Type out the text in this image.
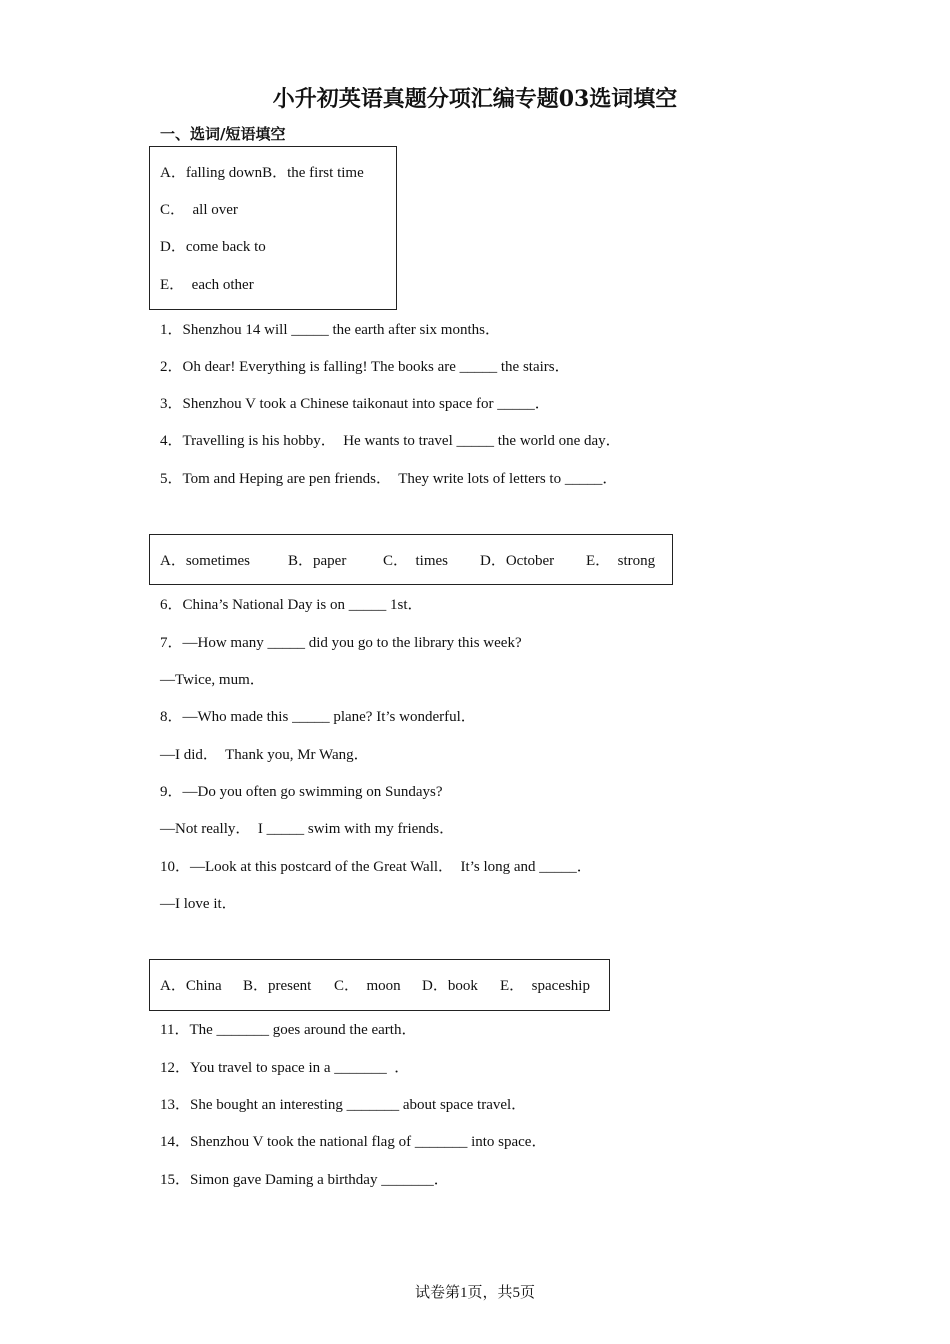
小升初英语真题分项汇编专题03选词填空
一、选词/短语填空
A．falling downB．the first time
C．  all over
D．come back to
E．  each other
1．Shenzhou 14 will _____ the earth after six months．
2．Oh dear! Everything is falling! The books are _____ the stairs．
3．Shenzhou V took a Chinese taikonaut into space for _____．
4．Travelling is his hobby．  He wants to travel _____ the world one day．
5．Tom and Heping are pen friends．  They write lots of letters to _____．
A．sometimes	B．paper C．  times D．October E．  strong
6．China’s National Day is on _____ 1st．
7．—How many _____ did you go to the library this week?
—Twice, mum．
8．—Who made this _____ plane? It’s wonderful．
—I did．  Thank you, Mr Wang．
9．—Do you often go swimming on Sundays?
—Not really．  I _____ swim with my friends．
10．—Look at this postcard of the Great Wall．  It’s long and _____．
—I love it．
A．China B．present C．  moon D．book E．  spaceship
11．The _______ goes around the earth．
12．You travel to space in a _______  ．
13．She bought an interesting _______ about space travel．
14．Shenzhou V took the national flag of _______ into space．
15．Simon gave Daming a birthday _______．
试卷第1页，共5页
